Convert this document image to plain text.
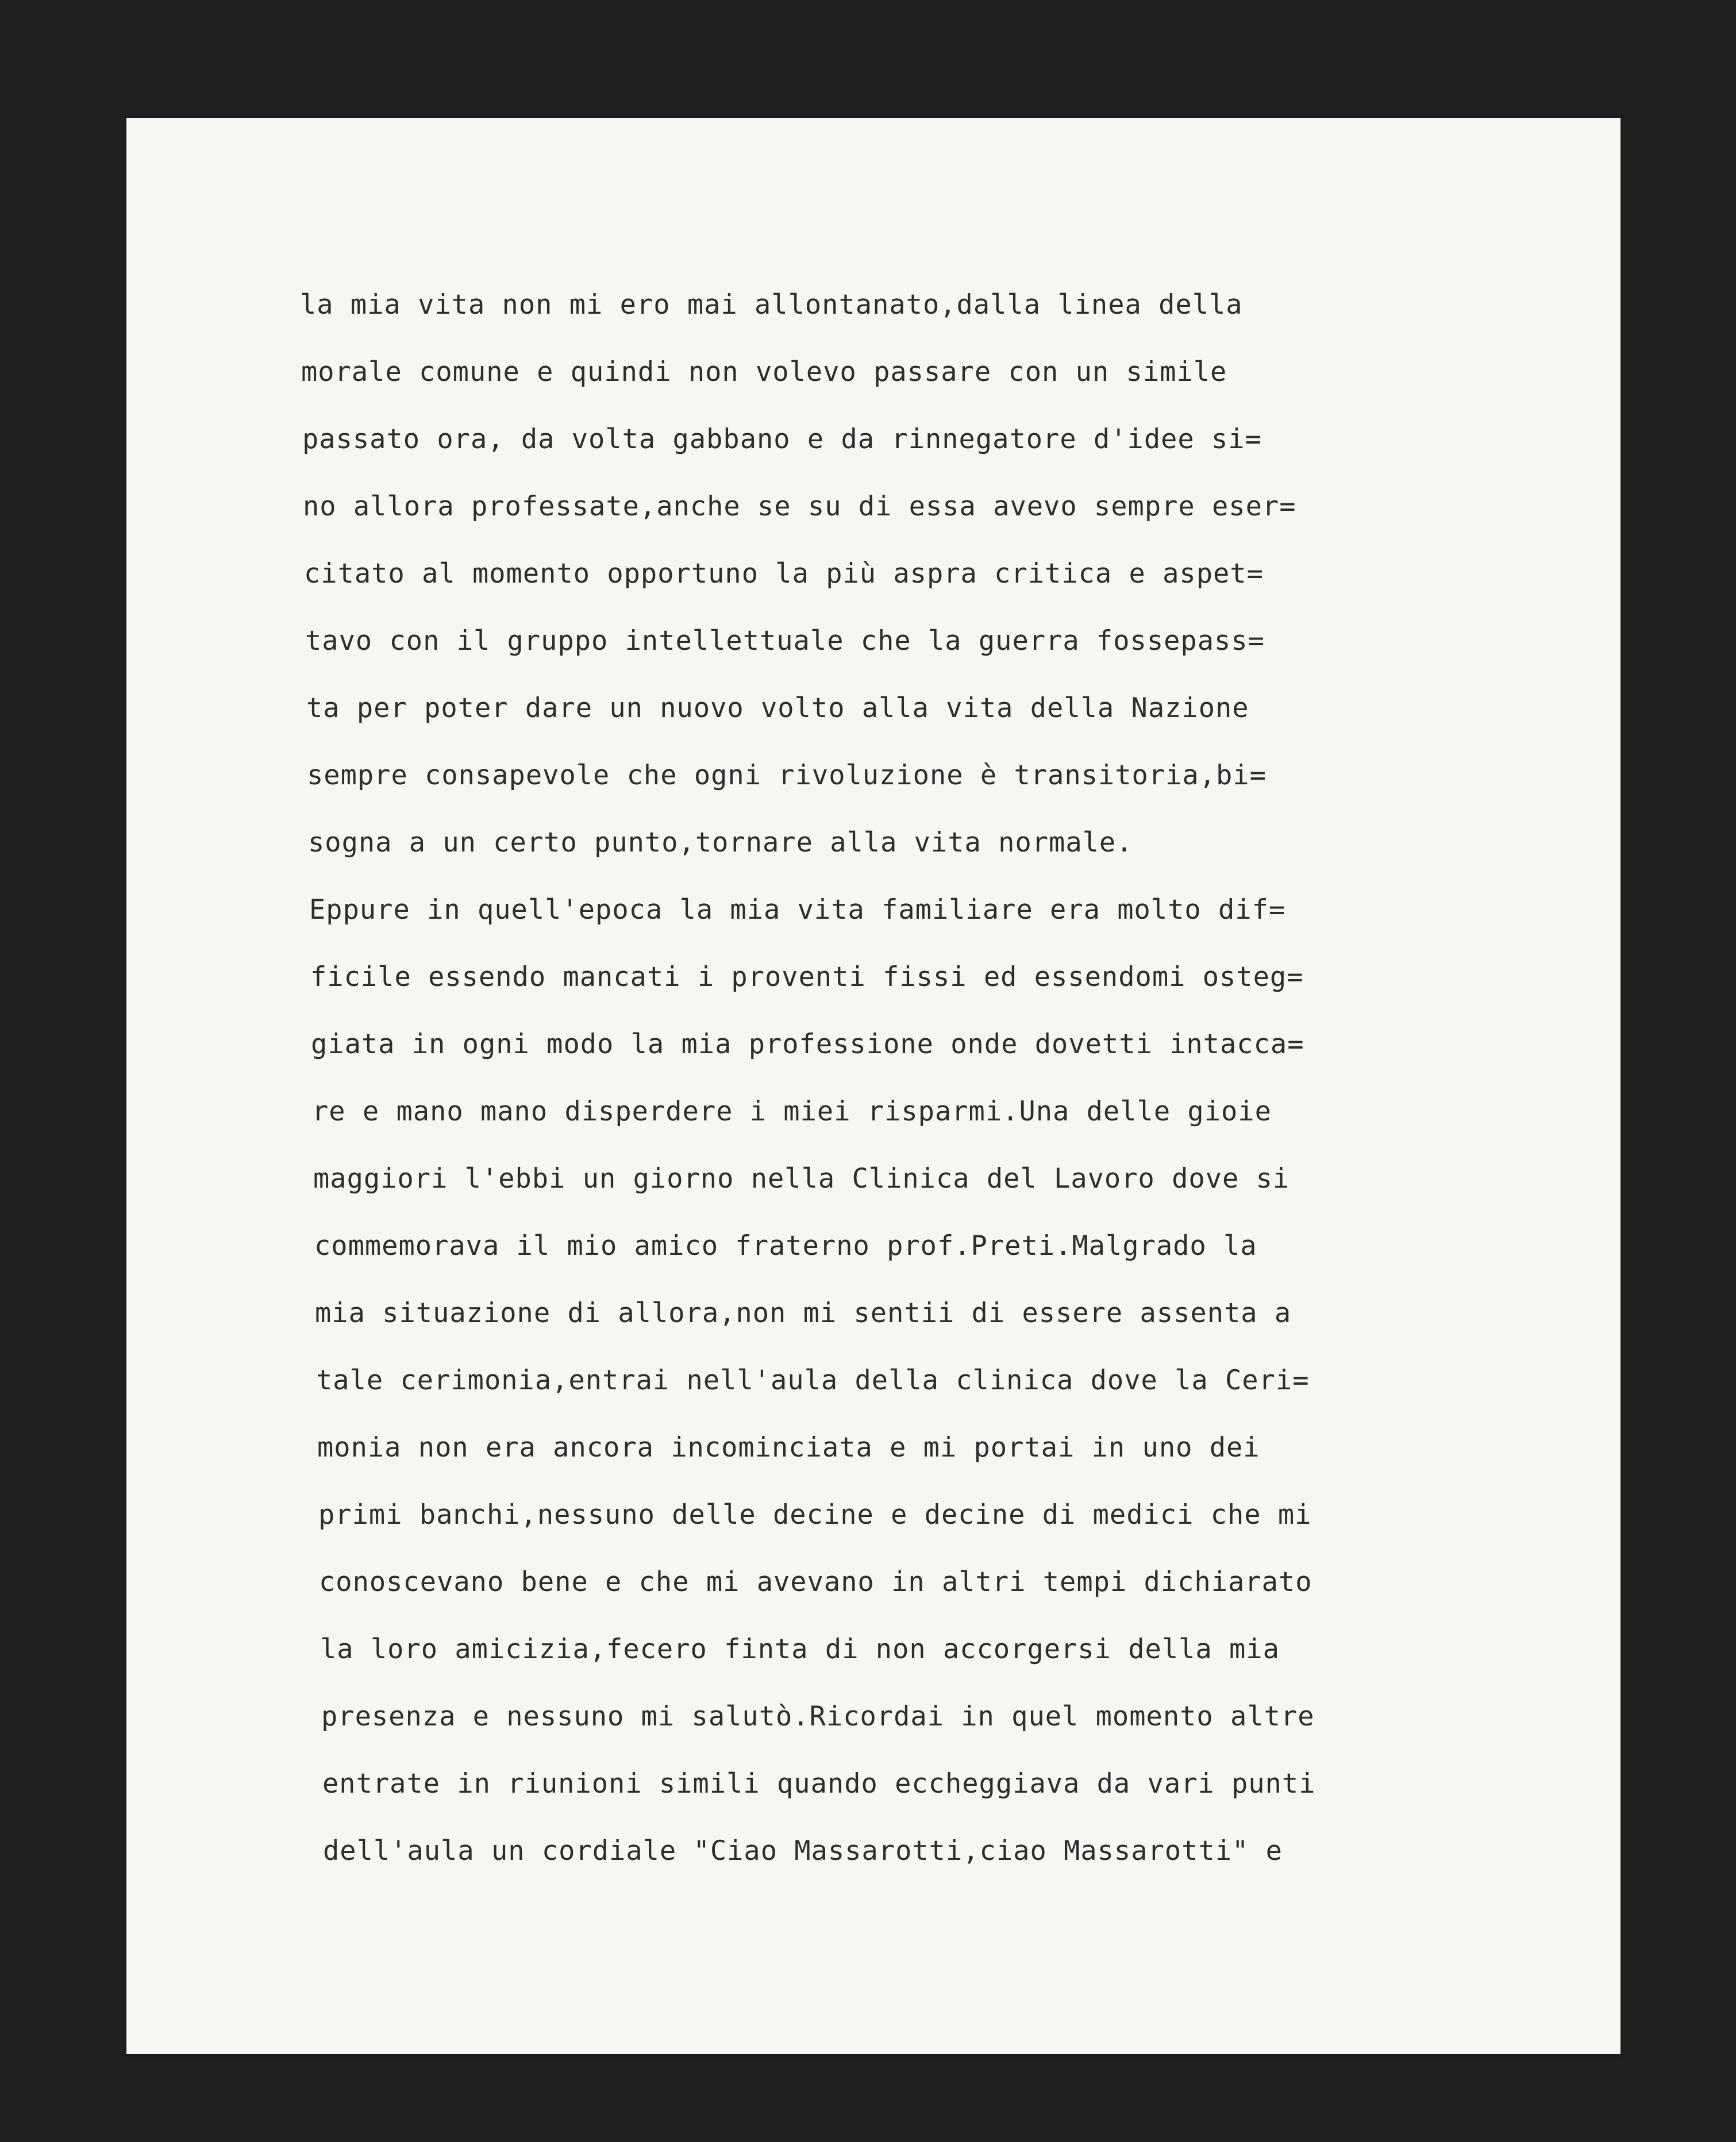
la mia vita non mi ero mai allontanato,dalla linea della
morale comune e quindi non volevo passare con un simile
passato ora, da volta gabbano e da rinnegatore d'idee si=
no allora professate,anche se su di essa avevo sempre eser=
citato al momento opportuno la più aspra critica e aspet=
tavo con il gruppo intellettuale che la guerra fossepass=
ta per poter dare un nuovo volto alla vita della Nazione
sempre consapevole che ogni rivoluzione è transitoria,bi=
sogna a un certo punto,tornare alla vita normale.
Eppure in quell'epoca la mia vita familiare era molto dif=
ficile essendo mancati i proventi fissi ed essendomi osteg=
giata in ogni modo la mia professione onde dovetti intacca=
re e mano mano disperdere i miei risparmi.Una delle gioie
maggiori l'ebbi un giorno nella Clinica del Lavoro dove si
commemorava il mio amico fraterno prof.Preti.Malgrado la
mia situazione di allora,non mi sentii di essere assenta a
tale cerimonia,entrai nell'aula della clinica dove la Ceri=
monia non era ancora incominciata e mi portai in uno dei
primi banchi,nessuno delle decine e decine di medici che mi
conoscevano bene e che mi avevano in altri tempi dichiarato
la loro amicizia,fecero finta di non accorgersi della mia
presenza e nessuno mi salutò.Ricordai in quel momento altre
entrate in riunioni simili quando eccheggiava da vari punti
dell'aula un cordiale "Ciao Massarotti,ciao Massarotti" e
